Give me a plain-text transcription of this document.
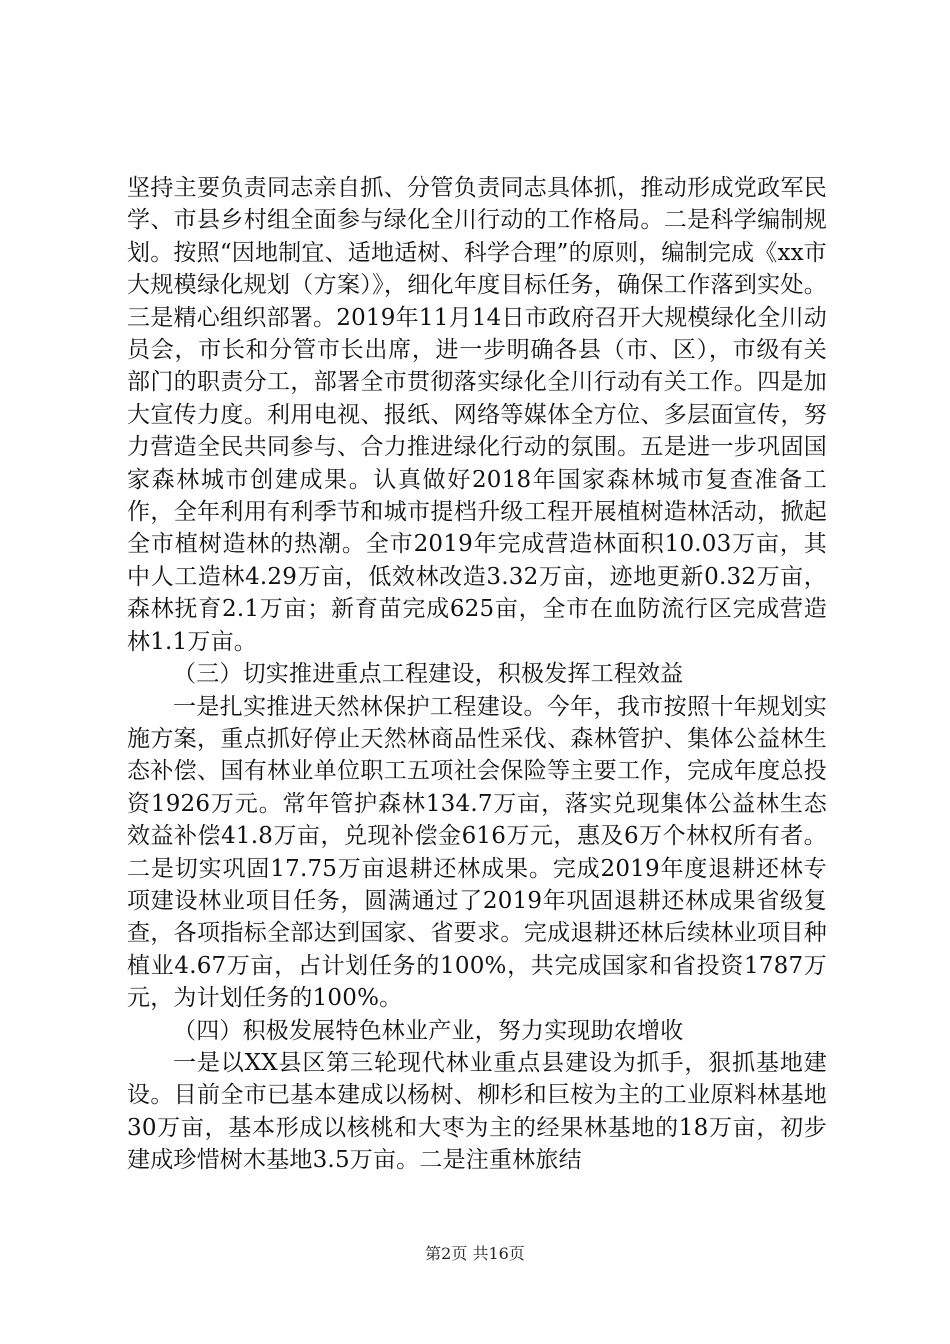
坚持主要负责同志亲自抓、分管负责同志具体抓，推动形成党政军民学、市县乡村组全面参与绿化全川行动的工作格局。二是科学编制规划。按照“因地制宜、适地适树、科学合理”的原则，编制完成《xx市大规模绿化规划（方案）》，细化年度目标任务，确保工作落到实处。三是精心组织部署。2019年11月14日市政府召开大规模绿化全川动员会，市长和分管市长出席，进一步明确各县（市、区），市级有关部门的职责分工，部署全市贯彻落实绿化全川行动有关工作。四是加大宣传力度。利用电视、报纸、网络等媒体全方位、多层面宣传，努力营造全民共同参与、合力推进绿化行动的氛围。五是进一步巩固国家森林城市创建成果。认真做好2018年国家森林城市复查准备工作，全年利用有利季节和城市提档升级工程开展植树造林活动，掀起全市植树造林的热潮。全市2019年完成营造林面积10.03万亩，其中人工造林4.29万亩，低效林改造3.32万亩，迹地更新0.32万亩，森林抚育2.1万亩；新育苗完成625亩，全市在血防流行区完成营造林1.1万亩。

（三）切实推进重点工程建设，积极发挥工程效益

一是扎实推进天然林保护工程建设。今年，我市按照十年规划实施方案，重点抓好停止天然林商品性采伐、森林管护、集体公益林生态补偿、国有林业单位职工五项社会保险等主要工作，完成年度总投资1926万元。常年管护森林134.7万亩，落实兑现集体公益林生态效益补偿41.8万亩，兑现补偿金616万元，惠及6万个林权所有者。二是切实巩固17.75万亩退耕还林成果。完成2019年度退耕还林专项建设林业项目任务，圆满通过了2019年巩固退耕还林成果省级复查，各项指标全部达到国家、省要求。完成退耕还林后续林业项目种植业4.67万亩，占计划任务的100%，共完成国家和省投资1787万元，为计划任务的100%。

（四）积极发展特色林业产业，努力实现助农增收

一是以XX县区第三轮现代林业重点县建设为抓手，狠抓基地建设。目前全市已基本建成以杨树、柳杉和巨桉为主的工业原料林基地30万亩，基本形成以核桃和大枣为主的经果林基地的18万亩，初步建成珍惜树木基地3.5万亩。二是注重林旅结

第2页 共16页
